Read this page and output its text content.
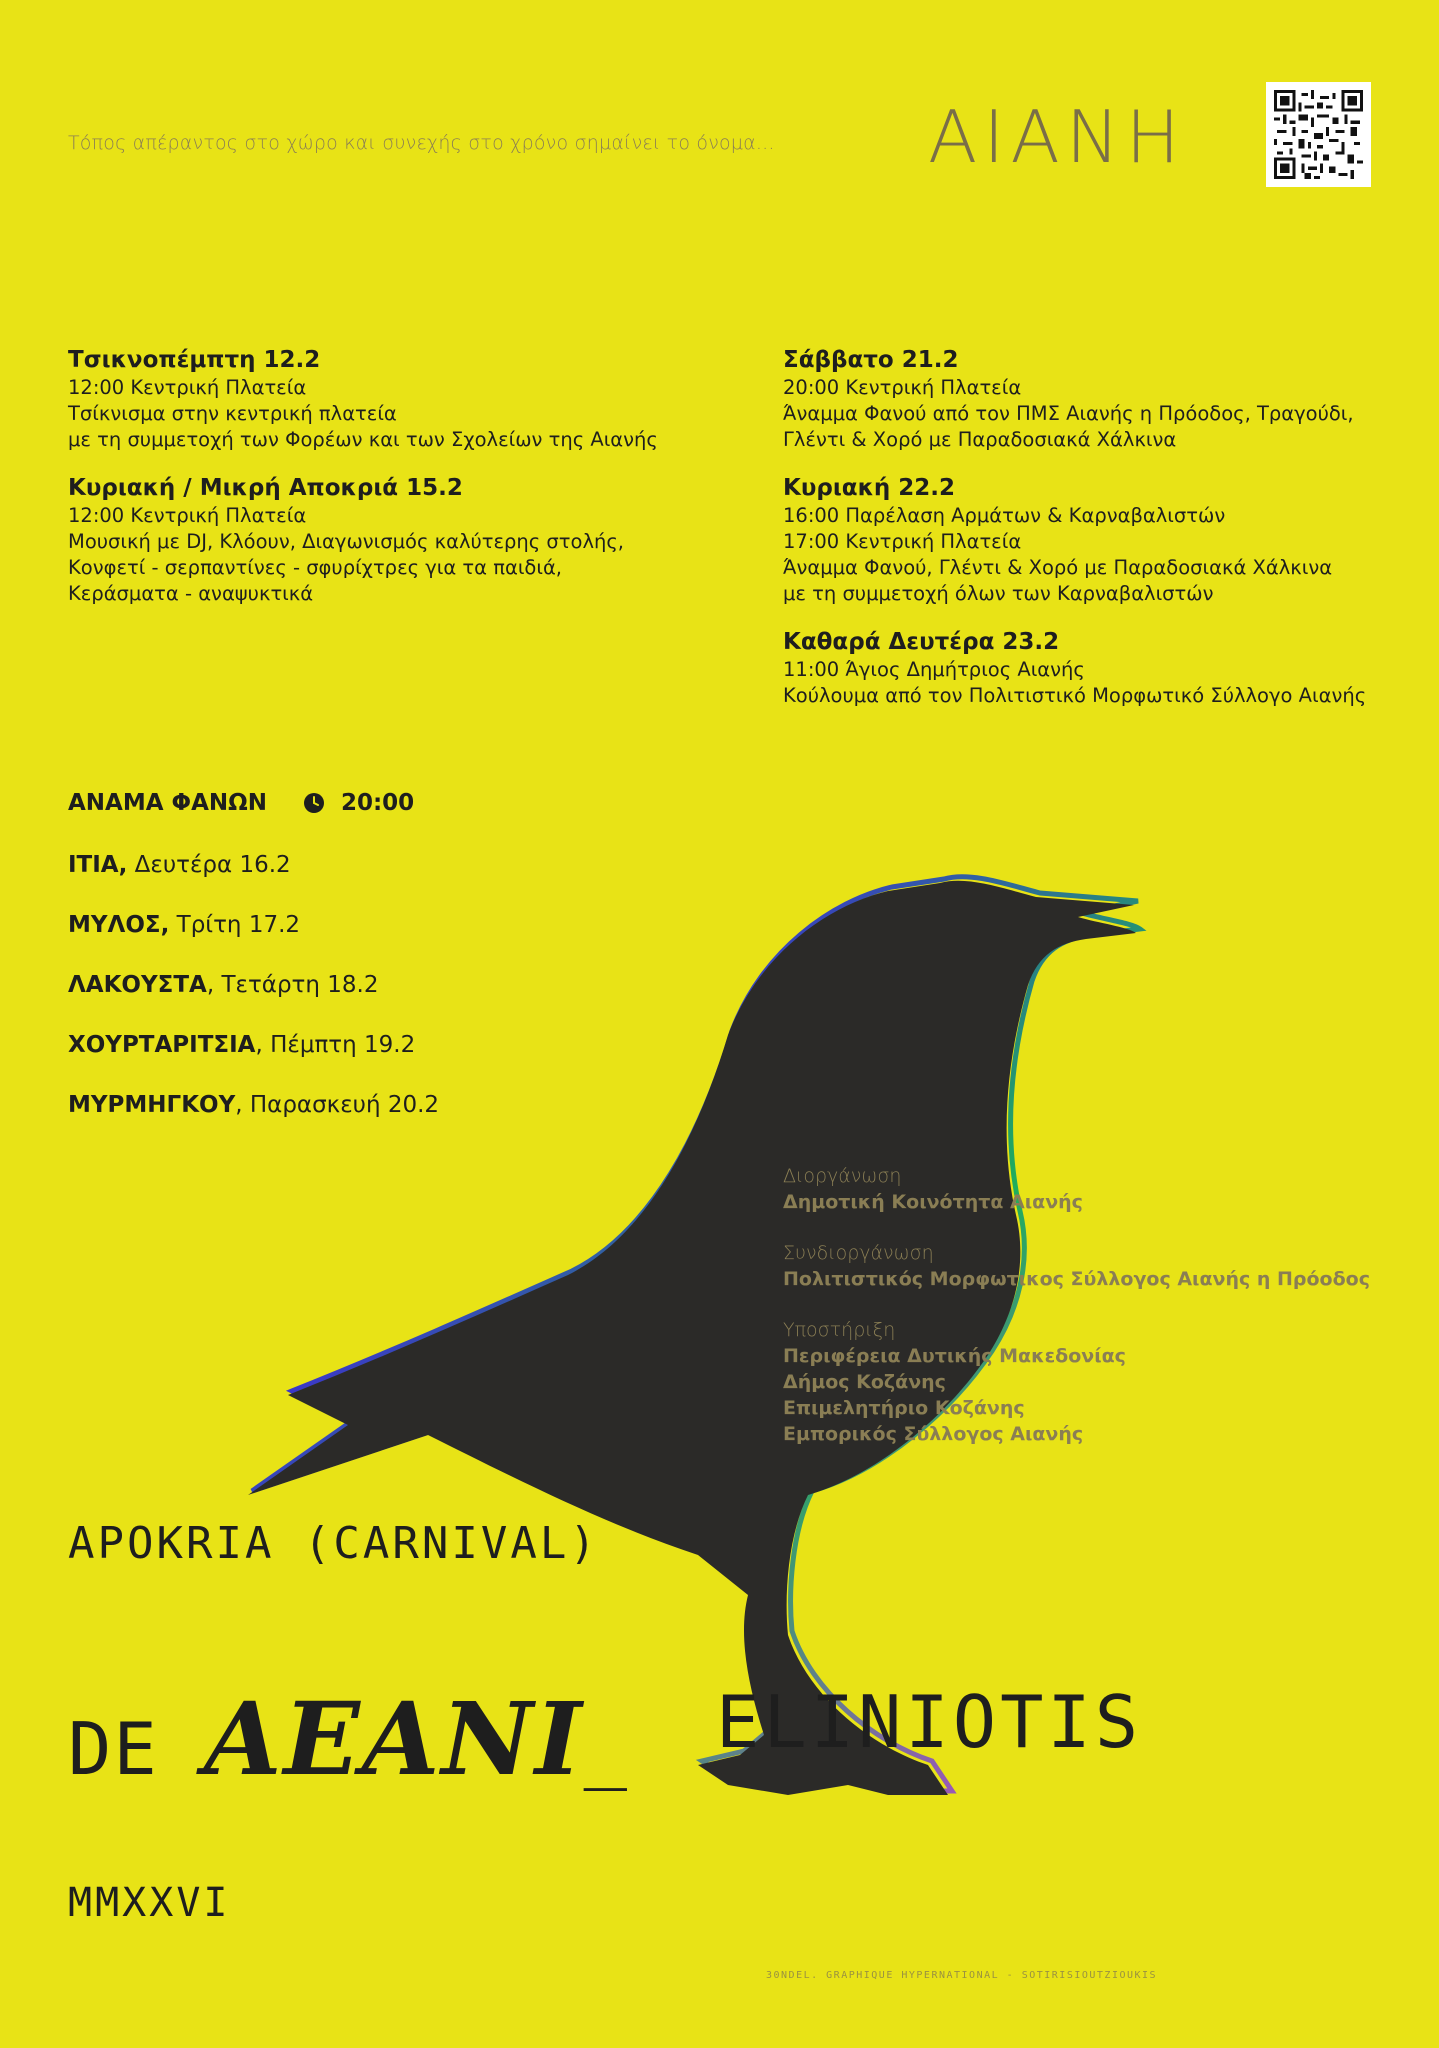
Τόπος απέραντος στο χώρο και συνεχής στο χρόνο σημαίνει το όνομα... ΑΙΑΝΗ
Τσικνοπέμπτη 12.2
12:00 Κεντρική Πλατεία
Τσίκνισμα στην κεντρική πλατεία
με τη συμμετοχή των Φορέων και των Σχολείων της Αιανής
Κυριακή / Μικρή Αποκριά 15.2
12:00 Κεντρική Πλατεία
Μουσική με DJ, Κλόουν, Διαγωνισμός καλύτερης στολής,
Κονφετί - σερπαντίνες - σφυρίχτρες για τα παιδιά,
Κεράσματα - αναψυκτικά
Σάββατο 21.2
20:00 Κεντρική Πλατεία
Άναμμα Φανού από τον ΠΜΣ Αιανής η Πρόοδος, Τραγούδι,
Γλέντι & Χορό με Παραδοσιακά Χάλκινα
Κυριακή 22.2
16:00 Παρέλαση Αρμάτων & Καρναβαλιστών
17:00 Κεντρική Πλατεία
Άναμμα Φανού, Γλέντι & Χορό με Παραδοσιακά Χάλκινα
με τη συμμετοχή όλων των Καρναβαλιστών
Καθαρά Δευτέρα 23.2
11:00 Άγιος Δημήτριος Αιανής
Κούλουμα από τον Πολιτιστικό Μορφωτικό Σύλλογο Αιανής
ΑΝΑΜΑ ΦΑΝΩΝ	20:00
ΙΤΙΑ, Δευτέρα 16.2
ΜΥΛΟΣ, Τρίτη 17.2
ΛΑΚΟΥΣΤΑ, Τετάρτη 18.2
ΧΟΥΡΤΑΡΙΤΣΙΑ, Πέμπτη 19.2
ΜΥΡΜΗΓΚΟΥ, Παρασκευή 20.2
Διοργάνωση
Δημοτική Κοινότητα Αιανής
Συνδιοργάνωση
Πολιτιστικός Μορφωτικος Σύλλογος Αιανής η Πρόοδος
Υποστήριξη
Περιφέρεια Δυτικής Μακεδονίας
Δήμος Κοζάνης
Επιμελητήριο Κοζάνης
Εμπορικός Σύλλογος Αιανής
APOKRIA (CARNIVAL)
DE AEANI_ ELINIOTIS
MMXXVI
30NDEL. GRAPHIQUE HYPERNATIONAL - SOTIRISIOUTZIOUKIS
